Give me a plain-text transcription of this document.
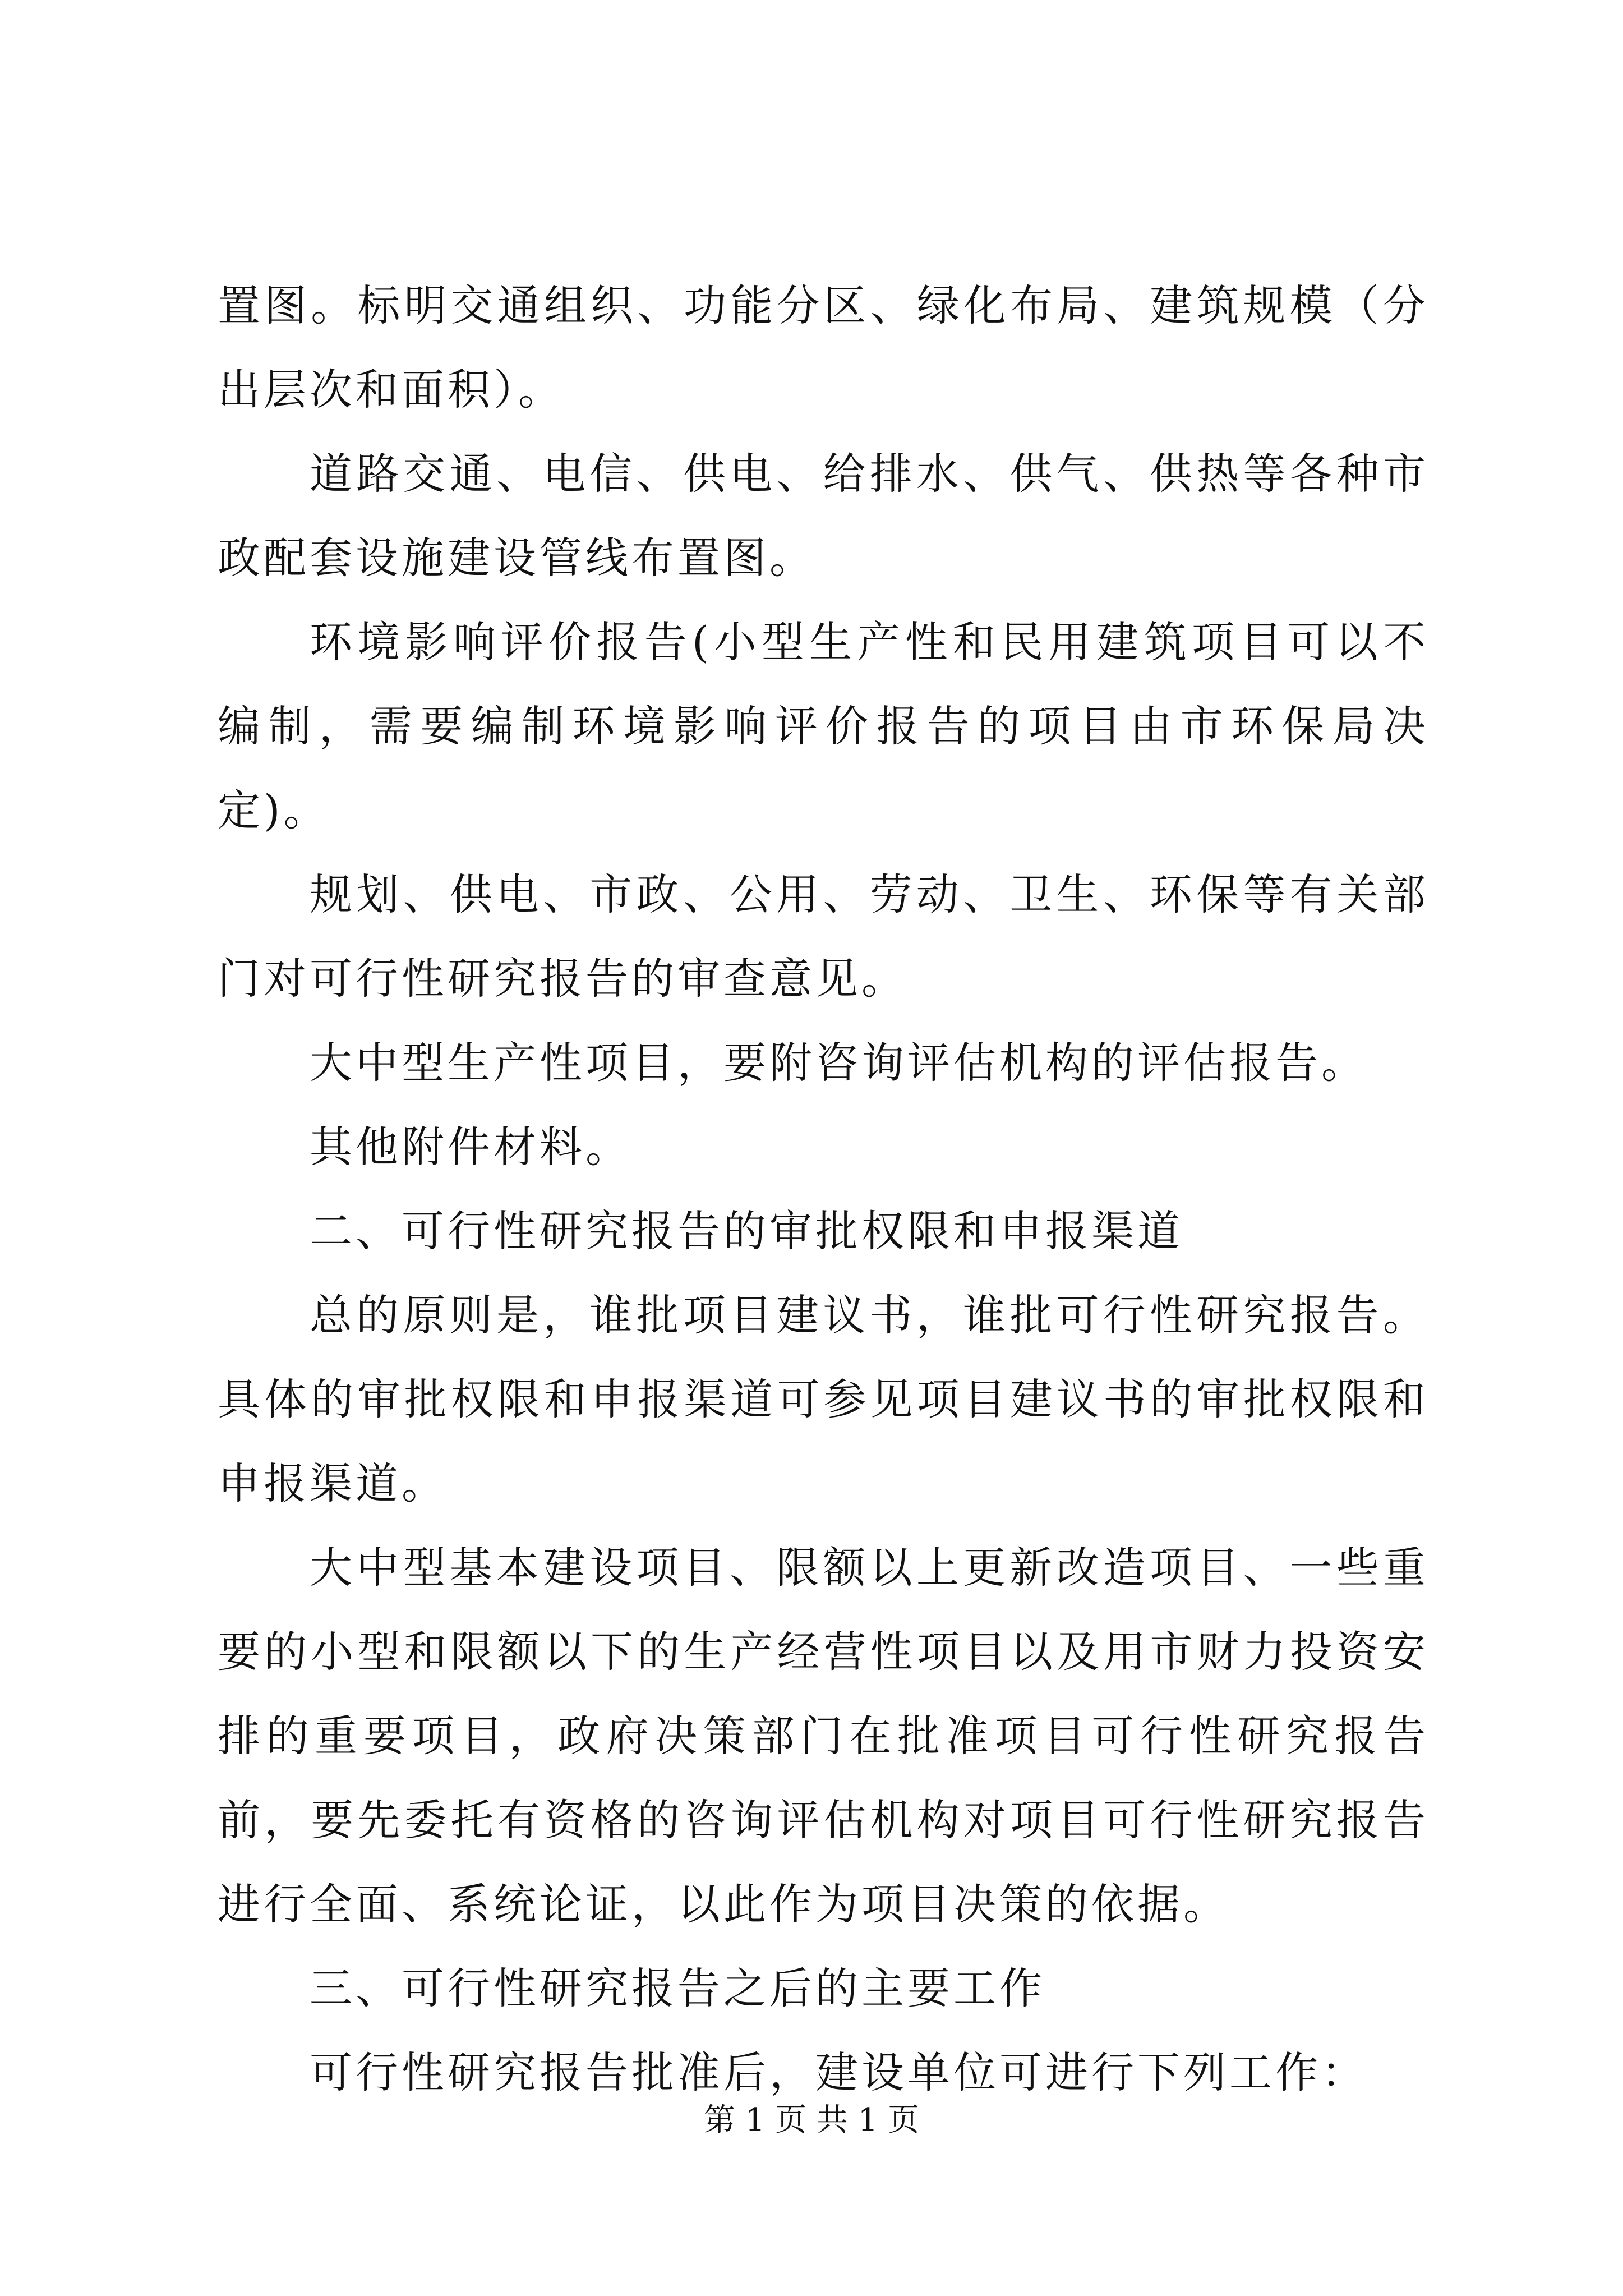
置图。标明交通组织、功能分区、绿化布局、建筑规模（分出层次和面积）。

道路交通、电信、供电、给排水、供气、供热等各种市政配套设施建设管线布置图。

环境影响评价报告(小型生产性和民用建筑项目可以不编制，需要编制环境影响评价报告的项目由市环保局决定)。

规划、供电、市政、公用、劳动、卫生、环保等有关部门对可行性研究报告的审查意见。

大中型生产性项目，要附咨询评估机构的评估报告。

其他附件材料。

二、可行性研究报告的审批权限和申报渠道

总的原则是，谁批项目建议书，谁批可行性研究报告。具体的审批权限和申报渠道可参见项目建议书的审批权限和申报渠道。

大中型基本建设项目、限额以上更新改造项目、一些重要的小型和限额以下的生产经营性项目以及用市财力投资安排的重要项目，政府决策部门在批准项目可行性研究报告前，要先委托有资格的咨询评估机构对项目可行性研究报告进行全面、系统论证，以此作为项目决策的依据。

三、可行性研究报告之后的主要工作

可行性研究报告批准后，建设单位可进行下列工作：

第 1 页 共 1 页
